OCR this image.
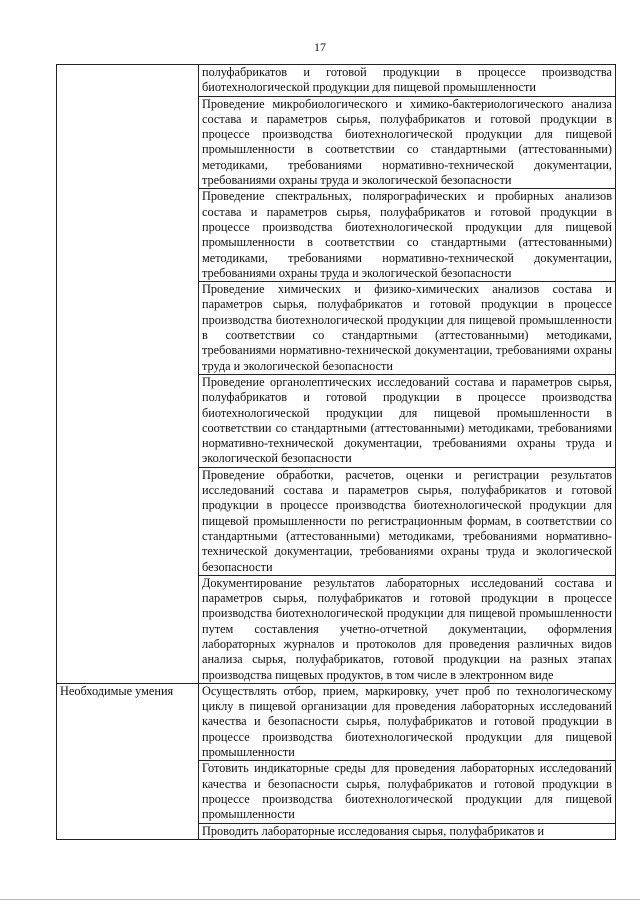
17
	полуфабрикатов и готовой продукции в процессе производства биотехнологической продукции для пищевой промышленности
	Проведение микробиологического и химико-бактериологического анализа состава и параметров сырья, полуфабрикатов и готовой продукции в процессе производства биотехнологической продукции для пищевой промышленности в соответствии со стандартными (аттестованными) методиками, требованиями нормативно-технической документации, требованиями охраны труда и экологической безопасности
	Проведение спектральных, полярографических и пробирных анализов состава и параметров сырья, полуфабрикатов и готовой продукции в процессе производства биотехнологической продукции для пищевой промышленности в соответствии со стандартными (аттестованными) методиками, требованиями нормативно-технической документации, требованиями охраны труда и экологической безопасности
	Проведение химических и физико-химических анализов состава и параметров сырья, полуфабрикатов и готовой продукции в процессе производства биотехнологической продукции для пищевой промышленности в соответствии со стандартными (аттестованными) методиками, требованиями нормативно-технической документации, требованиями охраны труда и экологической безопасности
	Проведение органолептических исследований состава и параметров сырья, полуфабрикатов и готовой продукции в процессе производства биотехнологической продукции для пищевой промышленности в соответствии со стандартными (аттестованными) методиками, требованиями нормативно-технической документации, требованиями охраны труда и экологической безопасности
	Проведение обработки, расчетов, оценки и регистрации результатов исследований состава и параметров сырья, полуфабрикатов и готовой продукции в процессе производства биотехнологической продукции для пищевой промышленности по регистрационным формам, в соответствии со стандартными (аттестованными) методиками, требованиями нормативно-технической документации, требованиями охраны труда и экологической безопасности
	Документирование результатов лабораторных исследований состава и параметров сырья, полуфабрикатов и готовой продукции в процессе производства биотехнологической продукции для пищевой промышленности путем составления учетно-отчетной документации, оформления лабораторных журналов и протоколов для проведения различных видов анализа сырья, полуфабрикатов, готовой продукции на разных этапах производства пищевых продуктов, в том числе в электронном виде
Необходимые умения	Осуществлять отбор, прием, маркировку, учет проб по технологическому циклу в пищевой организации для проведения лабораторных исследований качества и безопасности сырья, полуфабрикатов и готовой продукции в процессе производства биотехнологической продукции для пищевой промышленности
	Готовить индикаторные среды для проведения лабораторных исследований качества и безопасности сырья, полуфабрикатов и готовой продукции в процессе производства биотехнологической продукции для пищевой промышленности
	Проводить лабораторные исследования сырья, полуфабрикатов и
